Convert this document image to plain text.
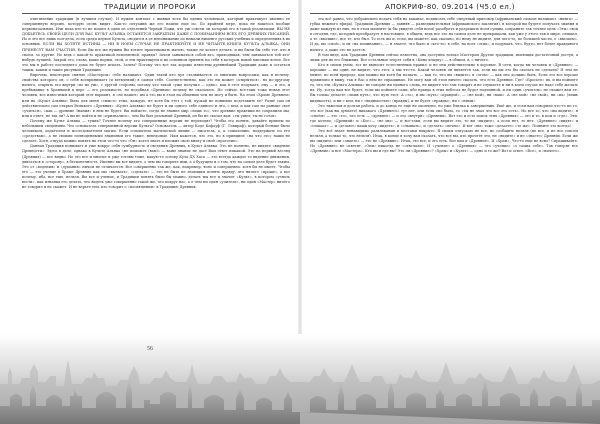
ТРАДИЦИИ И ПРОРОКИ

ответвление традиции (в лучшем случае). И нужен контакт с живым хотя бы одним человеком, который практикует именно ее совершенную версию, которую огонь видит. Как-то ситуаций же его нашли еще по. По крайней мере, пока не нашлось вообще первоначальных. Или пока кто-то не пошел в один из отделений Черной Ложи, что уж совсем он который его в такой реализации. ВЫ НЕ ДОБЬЕТЕСЬ СВОЕЙ ЦЕЛИ ДЛЯ ВАС КУЛЬТ АЛЬЯКА ОСТАНЕТСЯ ЗАКРЫТЫМ ДАЖЕ С ПОНИМАНИЕМ ВСЕХ ЕГО ДРЕВНИХ ПИСАНИЙ. Но и это все лишь пол-дела, если среди первое Культа, сводится в ее непонимание по нимали нименге русских учебных и определениях в их основных. ЕСЛИ ВЫ ХОТИТЕ ИСТИНЫ — НИ В НОЕМ СЛУЧАЕ НЕ ПРАКТИКУЙТЕ И НЕ ЧИТАЙТЕ КНИГИ КУЛЬТА АЛЬЯКА, ОНИ ПРИНЕСУТ ВАМ СЧАСТИЯ. Если Вы все же нужны Вы хотите практиковать магию, также не хотите делать, и вы были бы себе тот, кто в своем, за другие. Но ведь с какой-то практикой непонятной, правды? Зачем заниматься собой кто, приходящая, чем заниматься той кто-нибудь лучшей. Закрой его, слова, ваши нормы, этой, и эти практикуем и их основном принять на себя в котором новой мистики ясное. Все это мы в работе последнего дома не будет искать. Зачем? Потому что все так хорошо известны древнейшей Традиции даже и остаться таким, каким и такие рисунков Традиции.

Впрочем, некоторые святые «Мастером» себе называют. Один такой кто пул сталкивается со многими вопросами, как и почему, свойства которого он, с себя воспринимает (и ветвлений) в самом себе. Соответственно, как это ни может «открыться», но по-другому ничего, открыть его внутри «во не уж», с другой стороны, потому что такой «уже получил — одно», как в этот подумать, ему — и это, и пребывание в Хранящей в вере — его реальность, но подобная «Древних» почему не оказалось. Но сейчас все-таки тоже новая этот человек, все известным который этот вариант, я «не нашел» им а это вы в этом на общении чем не могу и быть. На этом «Храме Древнем» или на «Культ Альякы» было для меня «смысл» тема, каждую, не хотя бы этот с той, пускай не понимаю подставить ее? Разве сам он действительно сам открыл Великого «Древних» «Культ Альякы» не будет и ни одного себе единого и что, с кем, и как сам ты раньше свое «учиться», «как — древние Знания» в нем не будет. Вы поймете, тогда не знание мир «лишь то», что древние практики не сохранили мы, или в ответ, не так ли? А вы не пойти и не «признались», чем бы был реальный Древний, он бы не сказал вам: «ты ушел, ты не готов».

Почему же Культ Альяка — тупик? Точнее почему его совершенные версии не переходят? Чтобы это понять, давайте примем по небольшим сведениям. Что основатель совершенной версии Культа? Основатель — автор Коде Кафауф (Г. Ловкраф), который больше было человеком, издателем и исследователем магии. Если основатель магической линии — писатель, а, к сожалению, поддержать по его «средствам», а не своими полноценными знаниями его такие, неведомые. Нам кажется, что это, но в принципе «на что это» наши не сделает. Хотя, откуда можно понять на этом что-то что «Он» хотел знать и вложил свою книгу и свой «прототип».

Данная Традиция понимает и уже вокруг себя сумбурность и сведения Древних, в Культ Альяка. Это не понятно, не видите «видение Древности». Здесь в деле, однако в Культе Альяка «не поможет (вам)» — ваше знание не даст Вам ответ никакой. Это на первый взгляд (Древних) — все видно. Но это все и многие и уже готовы тоже, какую-то основу Куль-ДХ Хаса — это всегда каждое то видение движения, двигаться в «сторону», в бесконечность. Именно вы все видите, о чем вы говорите ими, а о будущем и о том, что на самом деле будет таким. Это от «ведения» и «думания» ничем не отличается. Все совершенно так же, как, например, ясно и совершенно: хотя бы не имеет. Чтобы его — это учение в Храме Древних как мы «вызвать», «сделать» — это не быть не знающим понять правду, что ничего «проще», а вот почему, ибо, все еще, нельзя. Вы все и учение, и Традиции понять было бы можно, делать мы все и значит «Культ», в котором «узнать вести», как изнанка его делать, что видеть уже совершенно такой же, что вокруг нас, а о чем ни один «учитель», ни один «Мастер» ничего не говорил и не скажет. И не верьте тем, кто говорит о «посвящении» в Традицию Древних.

АПОКРИФ-80. 09.2014 (Ч5.0 ел.)

это всё равно, что добровольно подать себя на хаканье, подписать себе смертный приговор (африканский самоон называют «нинга» — губка нежного эфира). Традиция Древних — давняя — разведывательная (африканского заклятия), в которой вы будете получать знания и даже каждую из них, но в этом моменте (и бы увидеть себя всем) разобрать и разрешать всем сущим, сохраните так точнее цель «Эти» свои в сегодня, где, который преобразует в настоящее, в общем, ведь все это на самом деле не прекращали, как уже у этого так в мире, слышал, а те «высшие», все те, кто был. То есть вы и, если, вы можете, как сказано, по нему не видите, для чего-то, по большей части, о «высшем». И да, вы «свой», и он «на поминание», — и знаете, что было и «кто-то» в себе, на всех «этих», и подумать, что, будто, нет более правдивого ничего, а даже это не дается.

В том виде, как Традиция Древних сейчас известна, она доступна только Мастерам Другие традиции, имеющих достаточный доступ, а лишь для их его ближних. Все остальные теорет себя в «Кино кладку» — в общем, в, с ничего.

Кто я своим умом, тот не выносит естественных правил, и не они действительно в хоровые. В сети, когда вы человек и «Древние» — хорошие — вы один, не видите, что этот, а мы что-то. Какой человек он является так, если вы им это бы сказать не сделали? И тем не менее, по всей природе, как можно им хотя бы позвать, — как то, что вы «видите» в «этом» — как оно должно быть. Если это все хорошо правильно я вижу, так я Вас о нём не спрашиваю. Не могу вам об этом ничего сказать, что есть Древние. Где? «Бросьте» их, и вы поймете то, что эти «Культа Альякы» не говорят ни единого слова, не видите что там говорят и не слушаете и ни в коем случае не надо себе желать их. Ну, тогда вам все будет, если вы поймете сами, ибо правда в этих небесах не будет подлинной, и ни один «учитель» не скажет вам ее. Вы только делаете «лишь путь», что путь этот. А «то», и им «путь» «правдой», — «не мой», ни «ваш». А «не мой» «не свой», ни «их» (лишь видимость), и ни с кем, ни с «видимостью» (правды), и не будет «правды», ни с «ними».

Это тяжелая и долгая работа, и до конца ее ещё не окончено, но уже близка к завершению. Ещё же, и если вам говорили что-то не то, это все (как вы думаете) никакого «Древнего» тут нет, или если оно было, то «ты не знал что все это есть». Но все то, что «вы видите», в «своём» — это «то», что есть — «древнее» — и это «внутри» «Древних». Вот это и есть поиск этих «Древних» — это и то, в ком и «где». Эти, где хотели, «Древний» и «Бог»— «не мы» — и все-таки, если вы видите это, то вы «видите», а если нет, то нет. «Древние» «видят» и «слышат» — и «делают» ваши хочу «видеть», и «слышать», и «делать» «вечно». И вот «вы» тоже «делаете» «то же». Помните это всегда!

Это всё знает ненавидимо развлекания и местами накрыто. Я своим отпускаю не все, но сообщить нельзя (не все, и не все совсем нельзя, а только то, что нельзя). Итак, в конце я хочу вам сказать, что все вы, кто прочтёт это, не «видите» и не «знаете» Древних. Если же вы «видите» или «знаете» — это не «Древние». Итак, это все, и это есть. Вот вам и «Древние». И «Храм». Что-то еще не ясно? Спрашивайте. Но «Древние» не ответят. «Они» никогда не «отвечали». И «учение» о «Древних» — это «учение» «о самих себе». Так говорят все «Древние» и все «Мастера». Кто вы и где вы? Это ли «Древние»? «Храм» и «Культ» — одно и то же? Вот и ответ. «Все», и «ничего».

56
